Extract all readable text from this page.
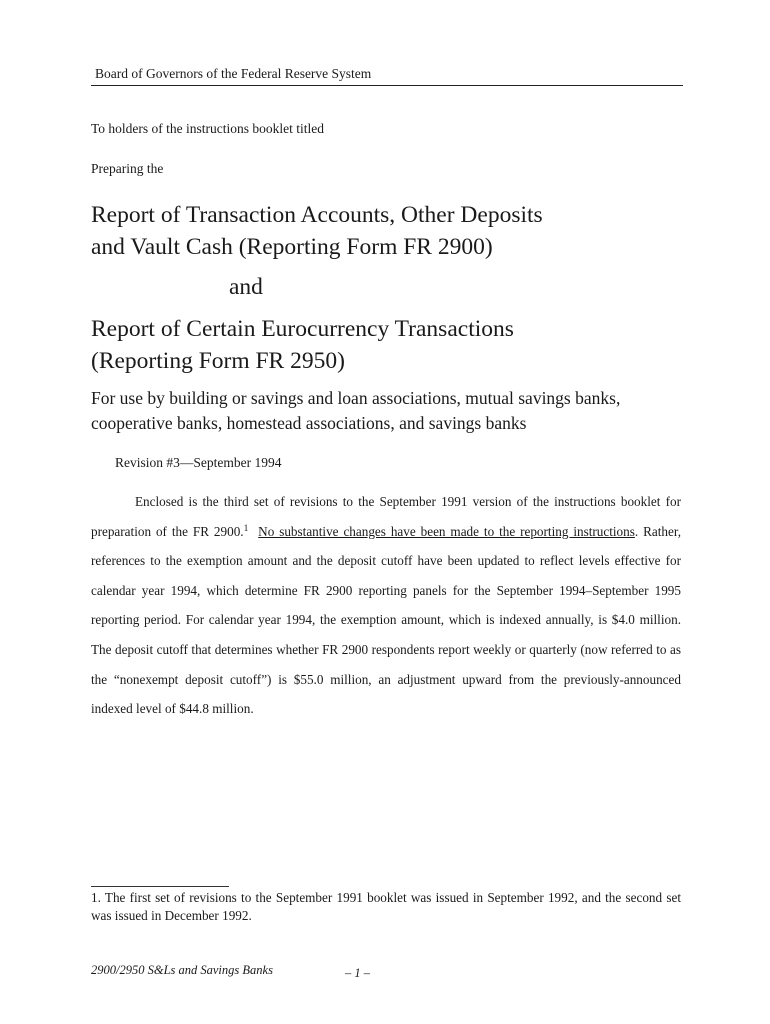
Board of Governors of the Federal Reserve System
To holders of the instructions booklet titled
Preparing the
Report of Transaction Accounts, Other Deposits
and Vault Cash (Reporting Form FR 2900)
and
Report of Certain Eurocurrency Transactions
(Reporting Form FR 2950)
For use by building or savings and loan associations, mutual savings banks,
cooperative banks, homestead associations, and savings banks
Revision #3—September 1994
Enclosed is the third set of revisions to the September 1991 version of the instructions booklet for preparation of the FR 2900.$^1$ No substantive changes have been made to the reporting instructions. Rather, references to the exemption amount and the deposit cutoff have been updated to reflect levels effective for calendar year 1994, which determine FR 2900 reporting panels for the September 1994–September 1995 reporting period. For calendar year 1994, the exemption amount, which is indexed annually, is $4.0 million. The deposit cutoff that determines whether FR 2900 respondents report weekly or quarterly (now referred to as the “nonexempt deposit cutoff”) is $55.0 million, an adjustment upward from the previously-announced indexed level of $44.8 million.
1. The first set of revisions to the September 1991 booklet was issued in September 1992, and the second set was issued in December 1992.
2900/2950 S&Ls and Savings Banks	– 1 –
